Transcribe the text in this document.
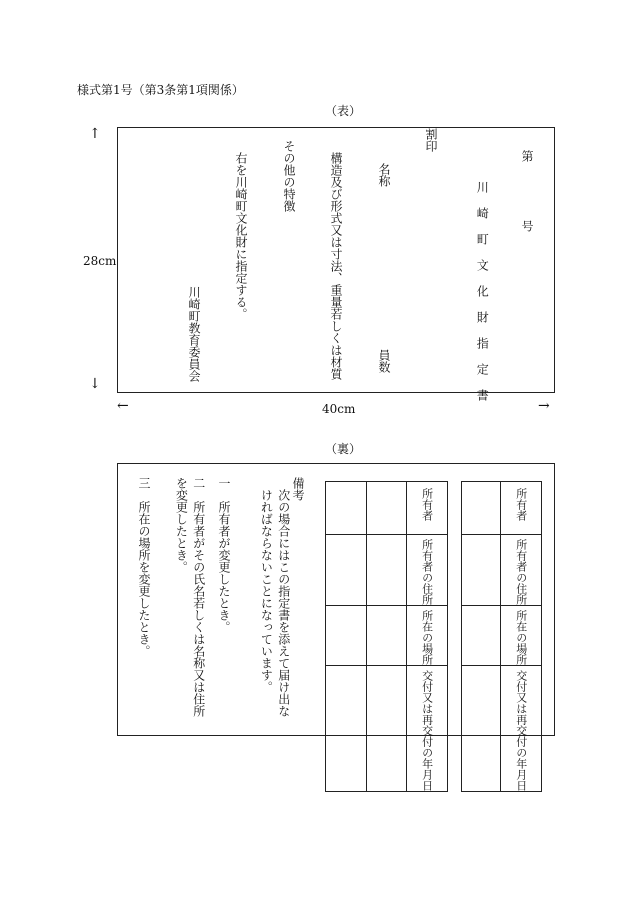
様式第1号（第3条第1項関係）
（表）
↑
28cm
↓
←	40cm	→
第
号
川 崎 町 文 化 財 指 定 書
割印
名称
員数
構造及び形式又は寸法、重量若しくは材質
その他の特徴
右を川崎町文化財に指定する。
川崎町教育委員会
（裏）

	所有者

	所有者の住所

	所在の場所

	交付又は再交付の年月日

		所有者

		所有者の住所

		所在の場所

		交付又は再交付の年月日
備考
次の場合にはこの指定書を添えて届け出なければならないことになっています。
一　所有者が変更したとき。
二　所有者がその氏名若しくは名称又は住所を変更したとき。
三　所在の場所を変更したとき。
